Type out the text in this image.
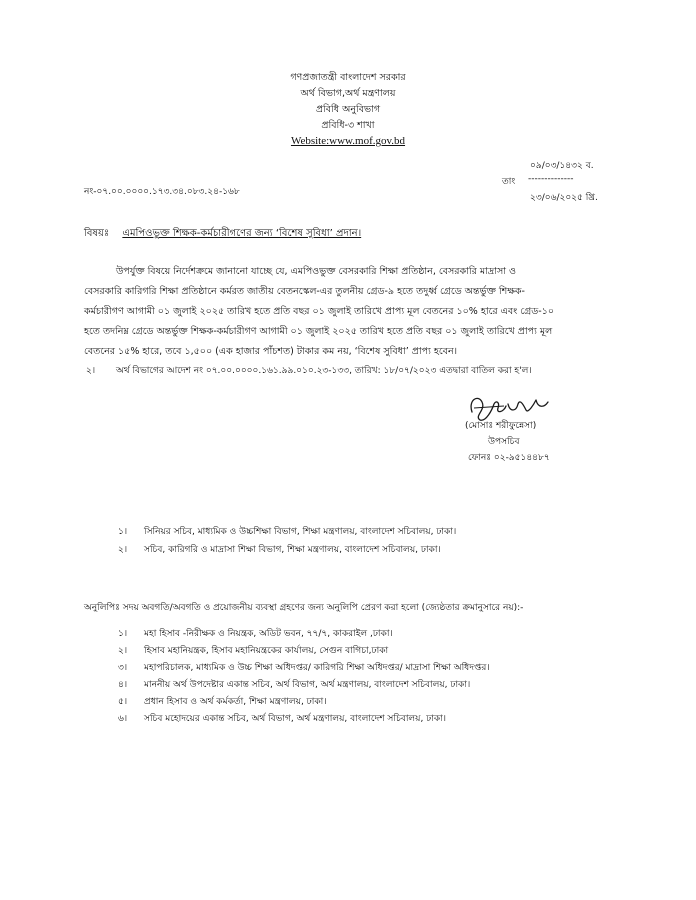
গণপ্রজাতন্ত্রী বাংলাদেশ সরকার
অর্থ বিভাগ,অর্থ মন্ত্রণালয়
প্রবিধি অনুবিভাগ
প্রবিধি-৩ শাখা
Website:www.mof.gov.bd
০৯/০৩/১৪৩২ ব.
তাং --------------
২৩/০৬/২০২৫ খ্রি.
নং-০৭.০০.০০০০.১৭৩.৩৪.০৮৩.২৪-১৬৮
বিষয়ঃ এমপিওভুক্ত শিক্ষক-কর্মচারীগণের জন্য ‘বিশেষ সুবিধা’ প্রদান।
উপর্যুক্ত বিষয়ে নির্দেশক্রমে জানানো যাচ্ছে যে, এমপিওভুক্ত বেসরকারি শিক্ষা প্রতিষ্ঠান, বেসরকারি মাদ্রাসা ও
বেসরকারি কারিগরি শিক্ষা প্রতিষ্ঠানে কর্মরত জাতীয় বেতনস্কেল-এর তুলনীয় গ্রেড-৯ হতে তদুর্ধ্ব গ্রেডে অন্তর্ভুক্ত শিক্ষক-
কর্মচারীগণ আগামী ০১ জুলাই ২০২৫ তারিখ হতে প্রতি বছর ০১ জুলাই তারিখে প্রাপ্য মূল বেতনের ১০% হারে এবং গ্রেড-১০
হতে তদনিম্ন গ্রেডে অন্তর্ভুক্ত শিক্ষক-কর্মচারীগণ আগামী ০১ জুলাই ২০২৫ তারিখ হতে প্রতি বছর ০১ জুলাই তারিখে প্রাপ্য মূল
বেতনের ১৫% হারে, তবে ১,৫০০ (এক হাজার পাঁচশত) টাকার কম নয়, ‘বিশেষ সুবিধা’ প্রাপ্য হবেন।
২। অর্থ বিভাগের আদেশ নং ০৭.০০.০০০০.১৬১.৯৯.০১০.২৩-১৩৩, তারিখ: ১৮/০৭/২০২৩ এতদ্বারা বাতিল করা হ'ল।
(মোসাঃ শরীফুন্নেসা)
উপসচিব
ফোনঃ ০২-৯৫১৪৪৮৭
১। সিনিয়র সচিব, মাধ্যমিক ও উচ্চশিক্ষা বিভাগ, শিক্ষা মন্ত্রণালয়, বাংলাদেশ সচিবালয়, ঢাকা।
২। সচিব, কারিগরি ও মাদ্রাসা শিক্ষা বিভাগ, শিক্ষা মন্ত্রণালয়, বাংলাদেশ সচিবালয়, ঢাকা।
অনুলিপিঃ সদয় অবগতি/অবগতি ও প্রয়োজনীয় ব্যবস্থা গ্রহণের জন্য অনুলিপি প্রেরণ করা হলো (জ্যেষ্ঠতার ক্রমানুসারে নয়):-
১। মহা হিসাব -নিরীক্ষক ও নিয়ন্ত্রক, অডিট ভবন, ৭৭/৭, কাকরাইল ,ঢাকা।
২। হিসাব মহানিয়ন্ত্রক, হিসাব মহানিয়ন্ত্রকের কার্যালয়, সেগুন বাগিচা,ঢাকা
৩। মহাপরিচালক, মাধ্যমিক ও উচ্চ শিক্ষা অধিদপ্তর/ কারিগরি শিক্ষা অধিদপ্তর/ মাদ্রাসা শিক্ষা অধিদপ্তর।
৪। মাননীয় অর্থ উপদেষ্টার একান্ত সচিব, অর্থ বিভাগ, অর্থ মন্ত্রণালয়, বাংলাদেশ সচিবালয়, ঢাকা।
৫। প্রধান হিসাব ও অর্থ কর্মকর্তা, শিক্ষা মন্ত্রণালয়, ঢাকা।
৬। সচিব মহোদয়ের একান্ত সচিব, অর্থ বিভাগ, অর্থ মন্ত্রণালয়, বাংলাদেশ সচিবালয়, ঢাকা।
